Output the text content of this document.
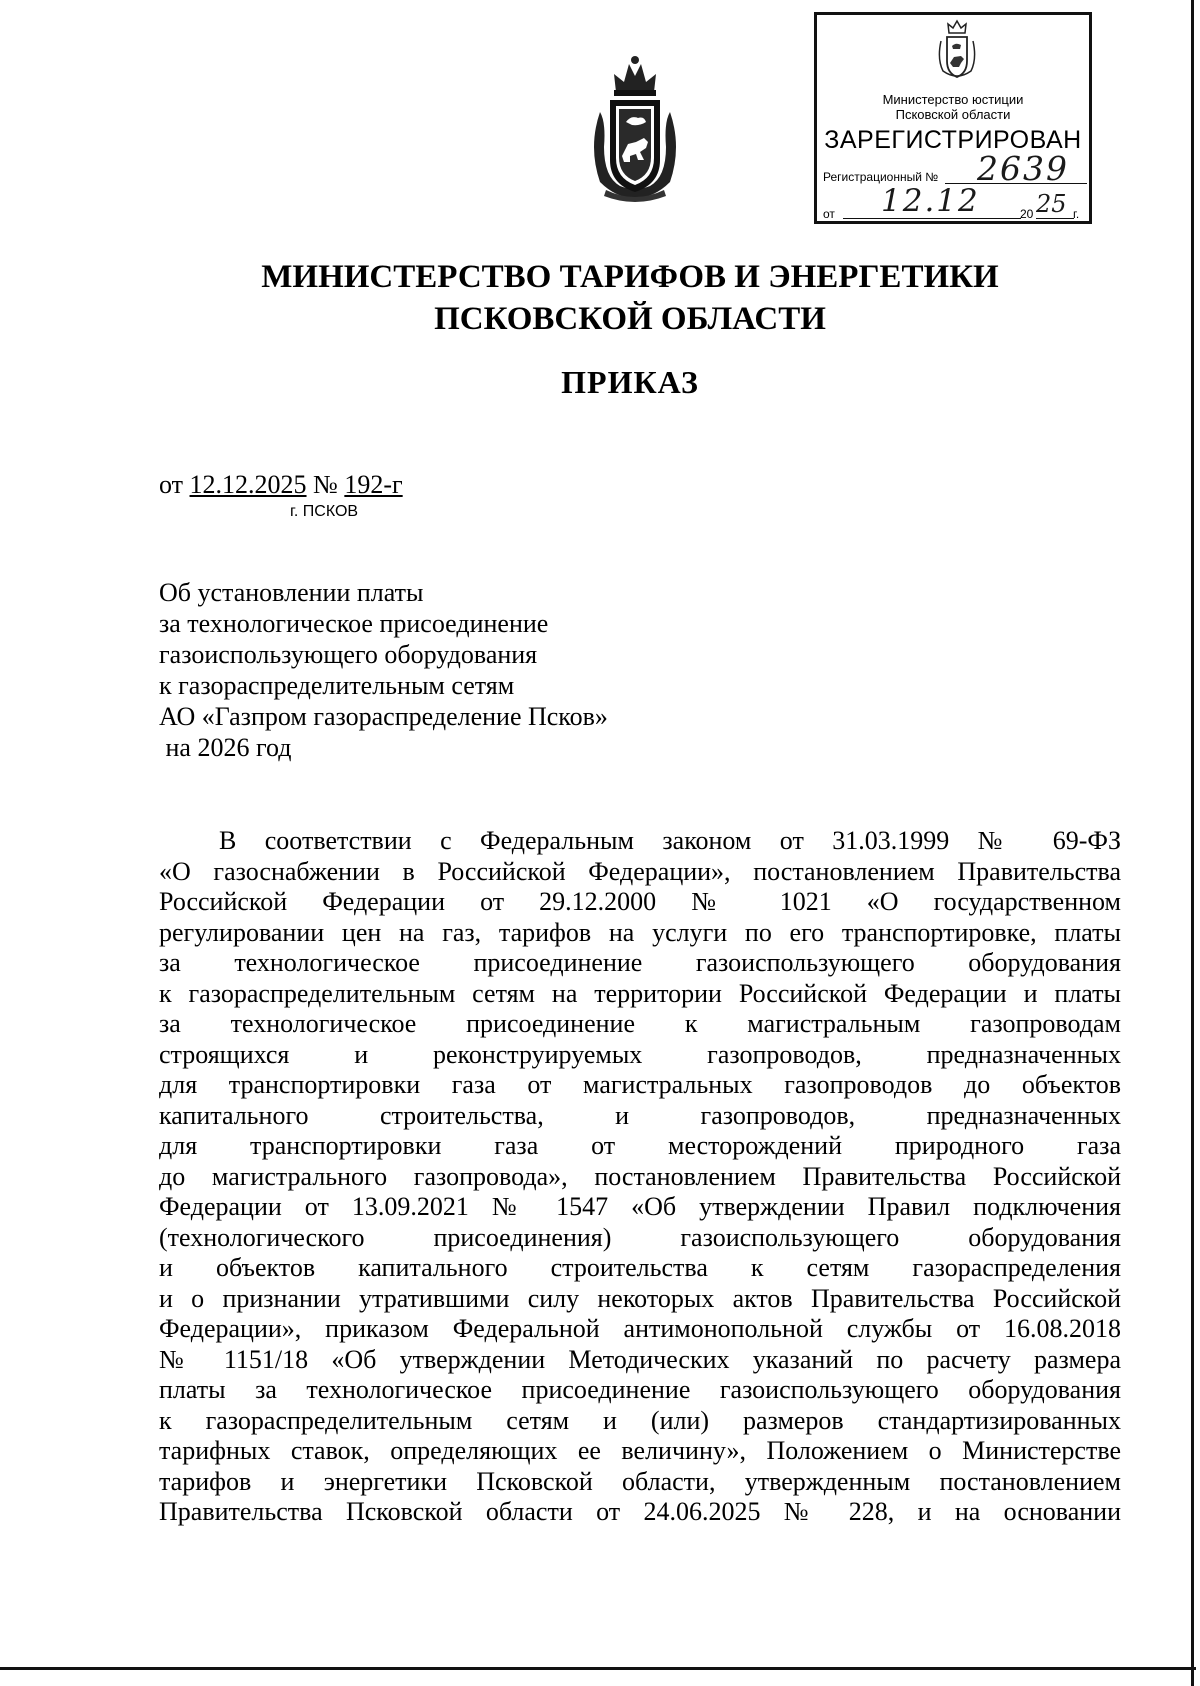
Министерство юстиции
Псковской области
ЗАРЕГИСТРИРОВАН
Регистрационный № 2639
от 12.12	20 25 г.
МИНИСТЕРСТВО ТАРИФОВ И ЭНЕРГЕТИКИ
ПСКОВСКОЙ ОБЛАСТИ
ПРИКАЗ
от 12.12.2025 № 192-г
г. ПСКОВ
Об установлении платы
за технологическое присоединение
газоиспользующего оборудования
к газораспределительным сетям
АО «Газпром газораспределение Псков»
на 2026 год
В соответствии с Федеральным законом от 31.03.1999 № 69-ФЗ
«О газоснабжении в Российской Федерации», постановлением Правительства
Российской Федерации от 29.12.2000 № 1021 «О государственном
регулировании цен на газ, тарифов на услуги по его транспортировке, платы
за технологическое присоединение газоиспользующего оборудования
к газораспределительным сетям на территории Российской Федерации и платы
за технологическое присоединение к магистральным газопроводам
строящихся и реконструируемых газопроводов, предназначенных
для транспортировки газа от магистральных газопроводов до объектов
капитального строительства, и газопроводов, предназначенных
для транспортировки газа от месторождений природного газа
до магистрального газопровода», постановлением Правительства Российской
Федерации от 13.09.2021 № 1547 «Об утверждении Правил подключения
(технологического присоединения) газоиспользующего оборудования
и объектов капитального строительства к сетям газораспределения
и о признании утратившими силу некоторых актов Правительства Российской
Федерации», приказом Федеральной антимонопольной службы от 16.08.2018
№ 1151/18 «Об утверждении Методических указаний по расчету размера
платы за технологическое присоединение газоиспользующего оборудования
к газораспределительным сетям и (или) размеров стандартизированных
тарифных ставок, определяющих ее величину», Положением о Министерстве
тарифов и энергетики Псковской области, утвержденным постановлением
Правительства Псковской области от 24.06.2025 № 228, и на основании
